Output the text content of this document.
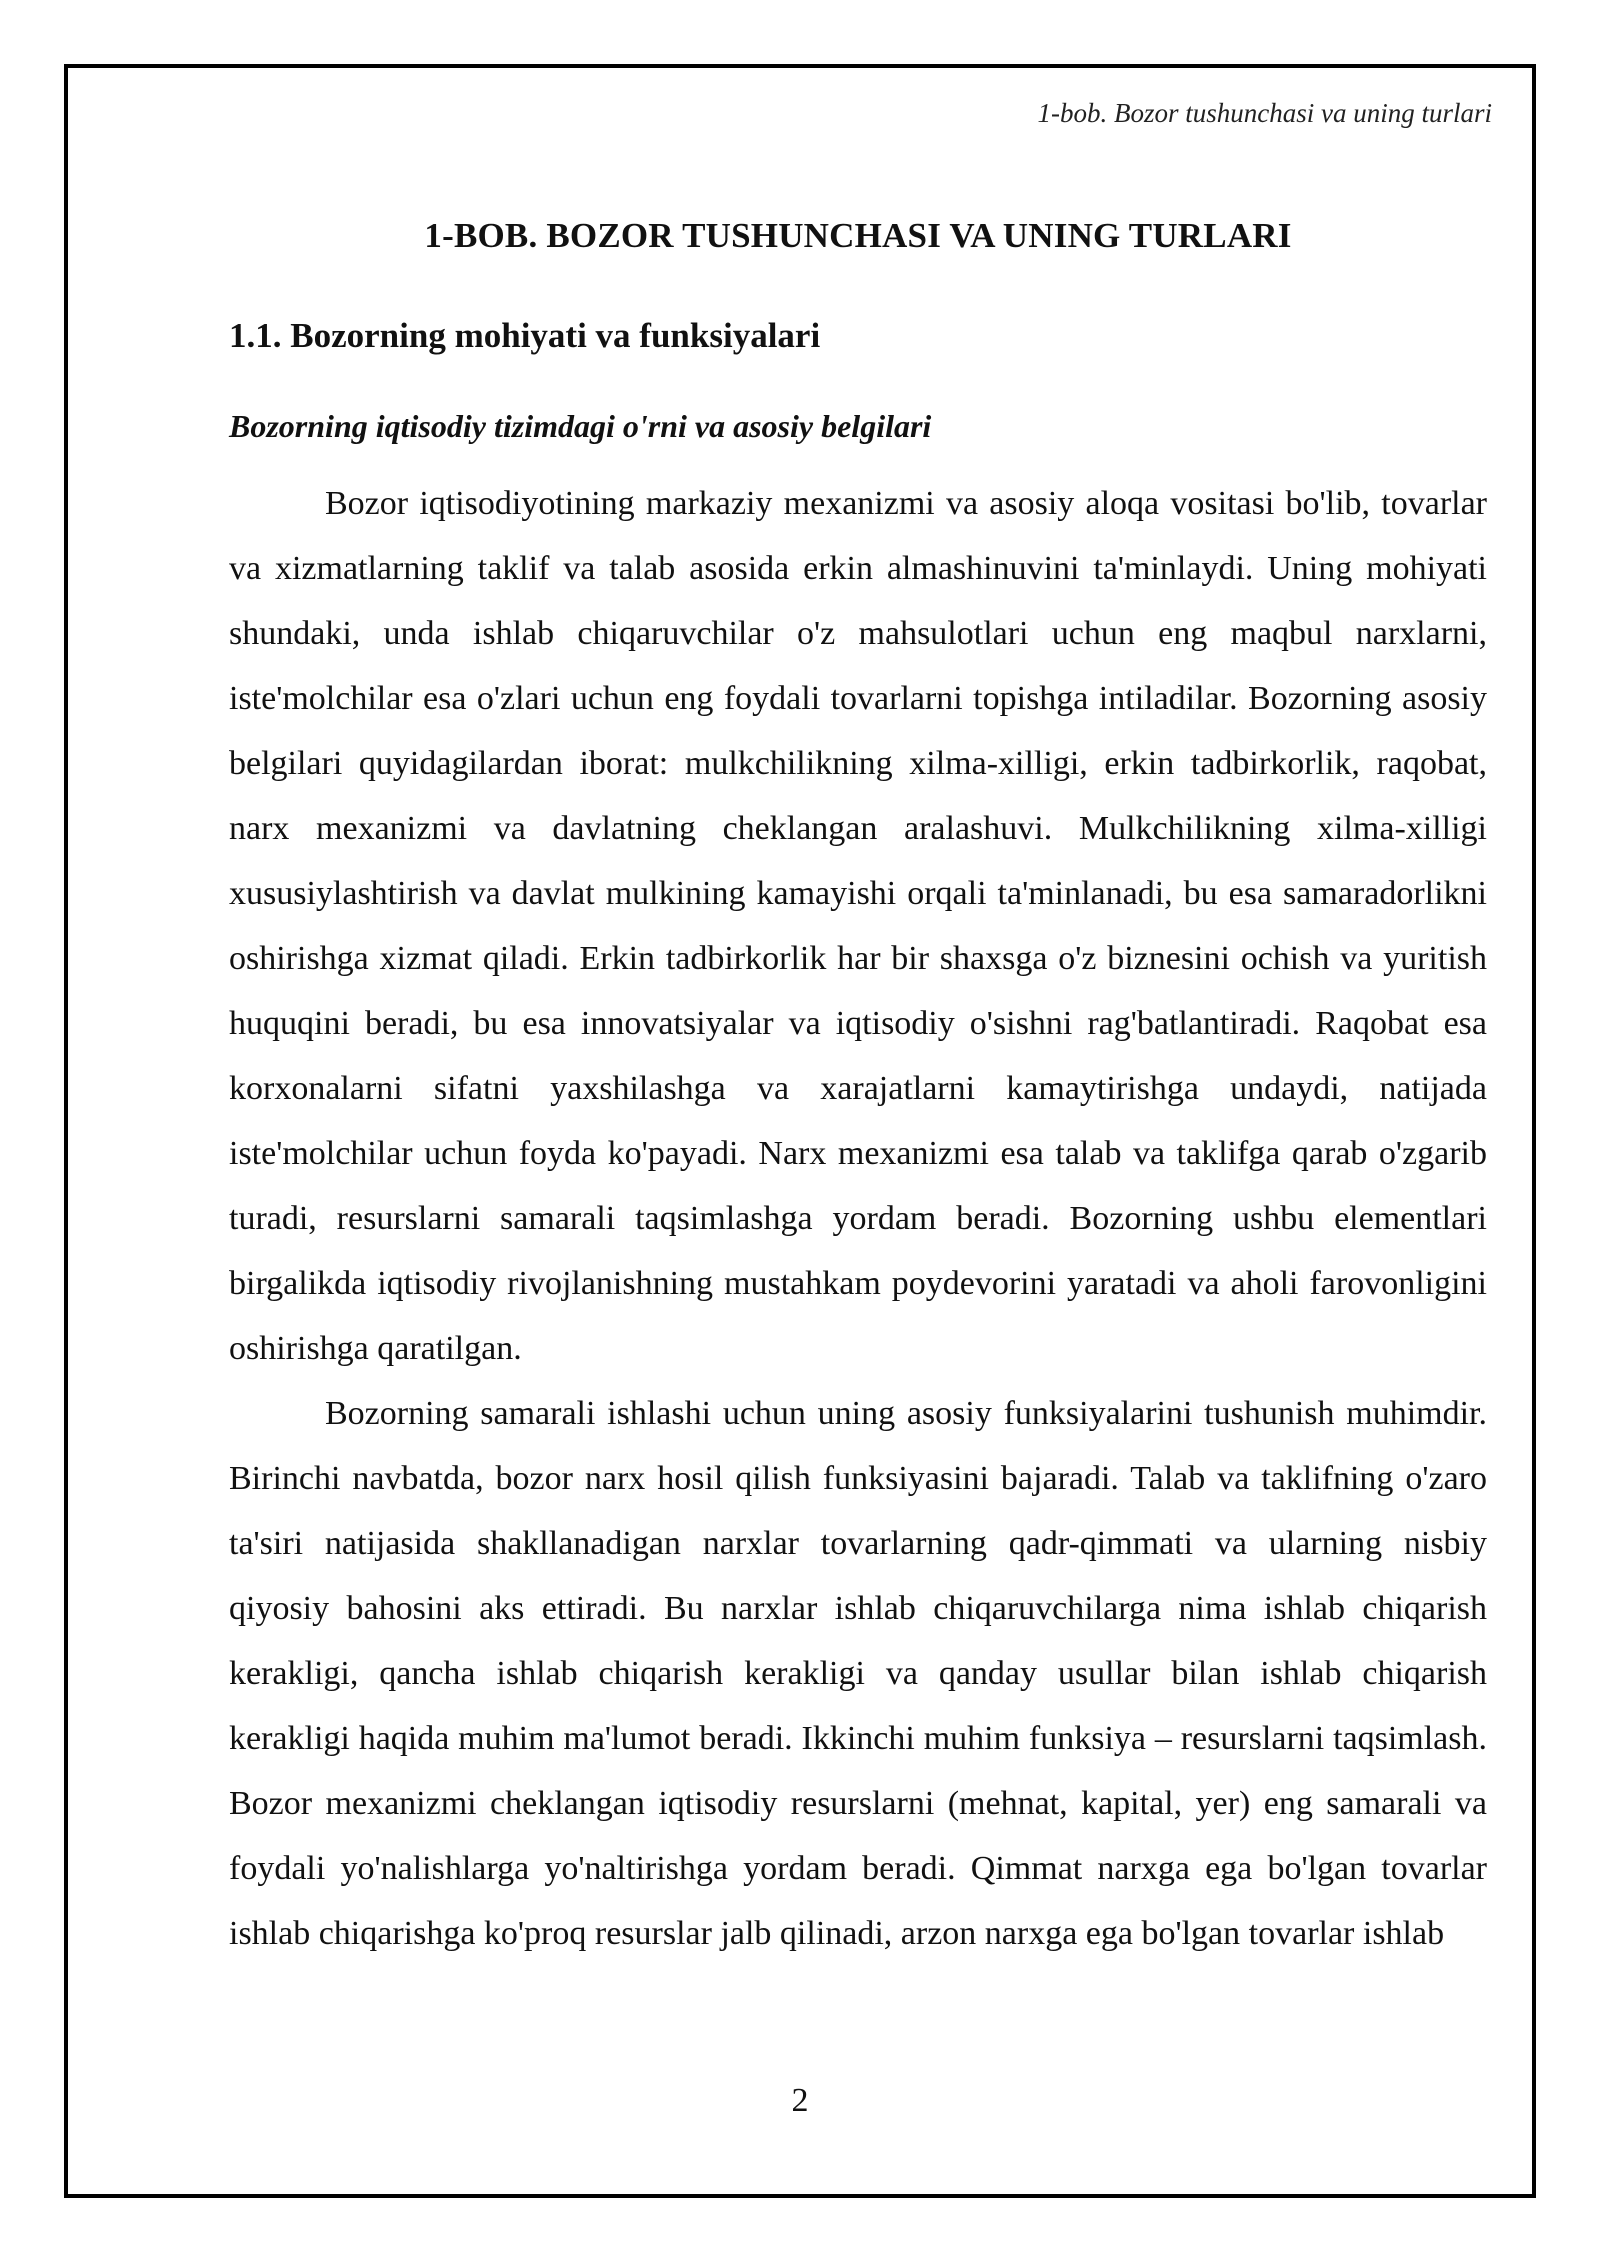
1-bob. Bozor tushunchasi va uning turlari
1-BOB. BOZOR TUSHUNCHASI VA UNING TURLARI
1.1. Bozorning mohiyati va funksiyalari
Bozorning iqtisodiy tizimdagi o'rni va asosiy belgilari

Bozor iqtisodiyotining markaziy mexanizmi va asosiy aloqa vositasi bo'lib, tovarlar va xizmatlarning taklif va talab asosida erkin almashinuvini ta'minlaydi. Uning mohiyati shundaki, unda ishlab chiqaruvchilar o'z mahsulotlari uchun eng maqbul narxlarni, iste'molchilar esa o'zlari uchun eng foydali tovarlarni topishga intiladilar. Bozorning asosiy belgilari quyidagilardan iborat: mulkchilikning xilma-xilligi, erkin tadbirkorlik, raqobat, narx mexanizmi va davlatning cheklangan aralashuvi. Mulkchilikning xilma-xilligi xususiylashtirish va davlat mulkining kamayishi orqali ta'minlanadi, bu esa samaradorlikni oshirishga xizmat qiladi. Erkin tadbirkorlik har bir shaxsga o'z biznesini ochish va yuritish huquqini beradi, bu esa innovatsiyalar va iqtisodiy o'sishni rag'batlantiradi. Raqobat esa korxonalarni sifatni yaxshilashga va xarajatlarni kamaytirishga undaydi, natijada iste'molchilar uchun foyda ko'payadi. Narx mexanizmi esa talab va taklifga qarab o'zgarib turadi, resurslarni samarali taqsimlashga yordam beradi. Bozorning ushbu elementlari birgalikda iqtisodiy rivojlanishning mustahkam poydevorini yaratadi va aholi farovonligini oshirishga qaratilgan.

Bozorning samarali ishlashi uchun uning asosiy funksiyalarini tushunish muhimdir. Birinchi navbatda, bozor narx hosil qilish funksiyasini bajaradi. Talab va taklifning o'zaro ta'siri natijasida shakllanadigan narxlar tovarlarning qadr-qimmati va ularning nisbiy qiyosiy bahosini aks ettiradi. Bu narxlar ishlab chiqaruvchilarga nima ishlab chiqarish kerakligi, qancha ishlab chiqarish kerakligi va qanday usullar bilan ishlab chiqarish kerakligi haqida muhim ma'lumot beradi. Ikkinchi muhim funksiya – resurslarni taqsimlash. Bozor mexanizmi cheklangan iqtisodiy resurslarni (mehnat, kapital, yer) eng samarali va foydali yo'nalishlarga yo'naltirishga yordam beradi. Qimmat narxga ega bo'lgan tovarlar ishlab chiqarishga ko'proq resurslar jalb qilinadi, arzon narxga ega bo'lgan tovarlar ishlab

2
